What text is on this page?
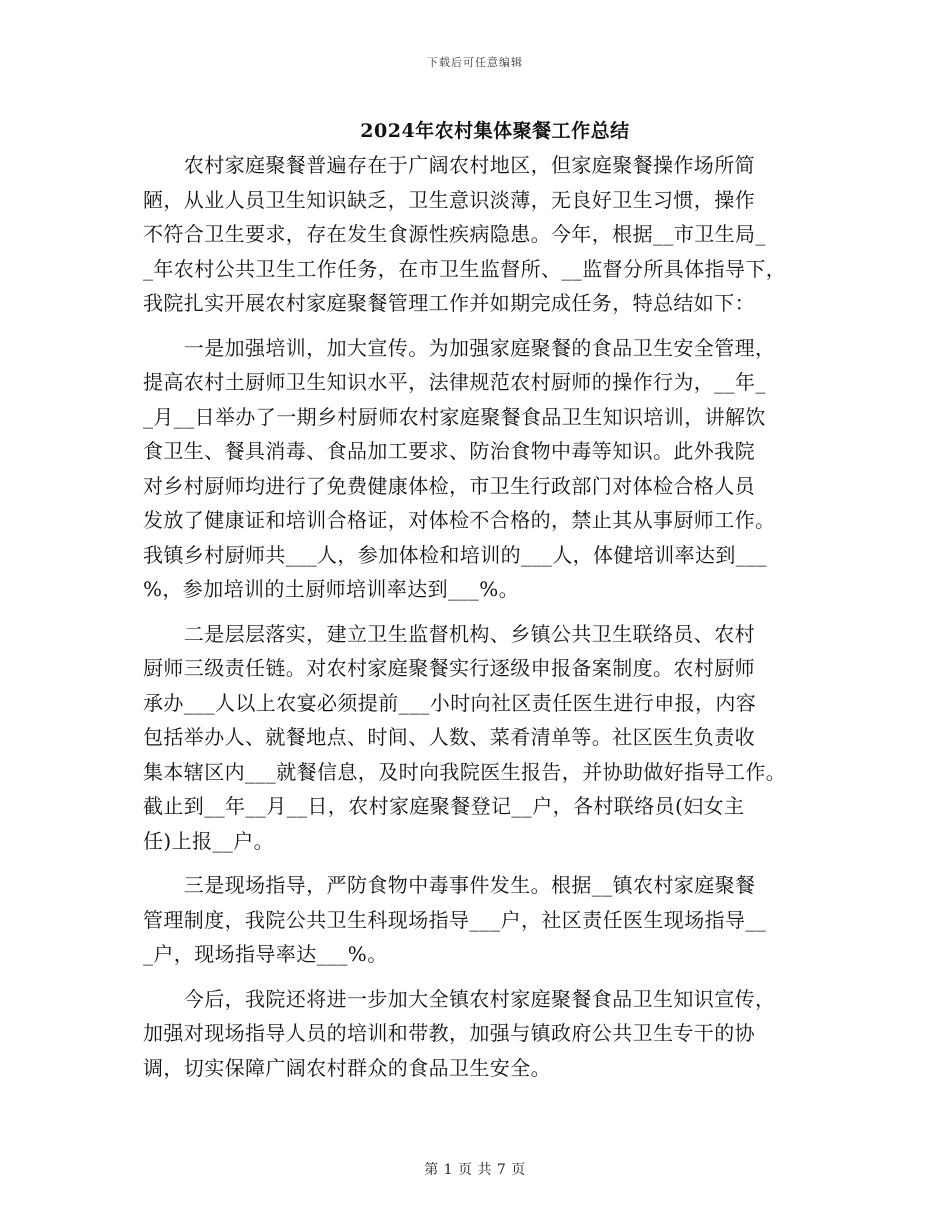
下载后可任意编辑
2024年农村集体聚餐工作总结
　　农村家庭聚餐普遍存在于广阔农村地区，但家庭聚餐操作场所简
陋，从业人员卫生知识缺乏，卫生意识淡薄，无良好卫生习惯，操作
不符合卫生要求，存在发生食源性疾病隐患。今年，根据__市卫生局_
_年农村公共卫生工作任务，在市卫生监督所、__监督分所具体指导下，
我院扎实开展农村家庭聚餐管理工作并如期完成任务，特总结如下：
　　一是加强培训，加大宣传。为加强家庭聚餐的食品卫生安全管理，
提高农村土厨师卫生知识水平，法律规范农村厨师的操作行为，__年_
_月__日举办了一期乡村厨师农村家庭聚餐食品卫生知识培训，讲解饮
食卫生、餐具消毒、食品加工要求、防治食物中毒等知识。此外我院
对乡村厨师均进行了免费健康体检，市卫生行政部门对体检合格人员
发放了健康证和培训合格证，对体检不合格的，禁止其从事厨师工作。
我镇乡村厨师共___人，参加体检和培训的___人，体健培训率达到___
%，参加培训的土厨师培训率达到___%。
　　二是层层落实，建立卫生监督机构、乡镇公共卫生联络员、农村
厨师三级责任链。对农村家庭聚餐实行逐级申报备案制度。农村厨师
承办___人以上农宴必须提前___小时向社区责任医生进行申报，内容
包括举办人、就餐地点、时间、人数、菜肴清单等。社区医生负责收
集本辖区内___就餐信息，及时向我院医生报告，并协助做好指导工作。
截止到__年__月__日，农村家庭聚餐登记__户，各村联络员(妇女主
任)上报__户。
　　三是现场指导，严防食物中毒事件发生。根据__镇农村家庭聚餐
管理制度，我院公共卫生科现场指导___户，社区责任医生现场指导__
_户，现场指导率达___%。
　　今后，我院还将进一步加大全镇农村家庭聚餐食品卫生知识宣传，
加强对现场指导人员的培训和带教，加强与镇政府公共卫生专干的协
调，切实保障广阔农村群众的食品卫生安全。
第 1 页 共 7 页
